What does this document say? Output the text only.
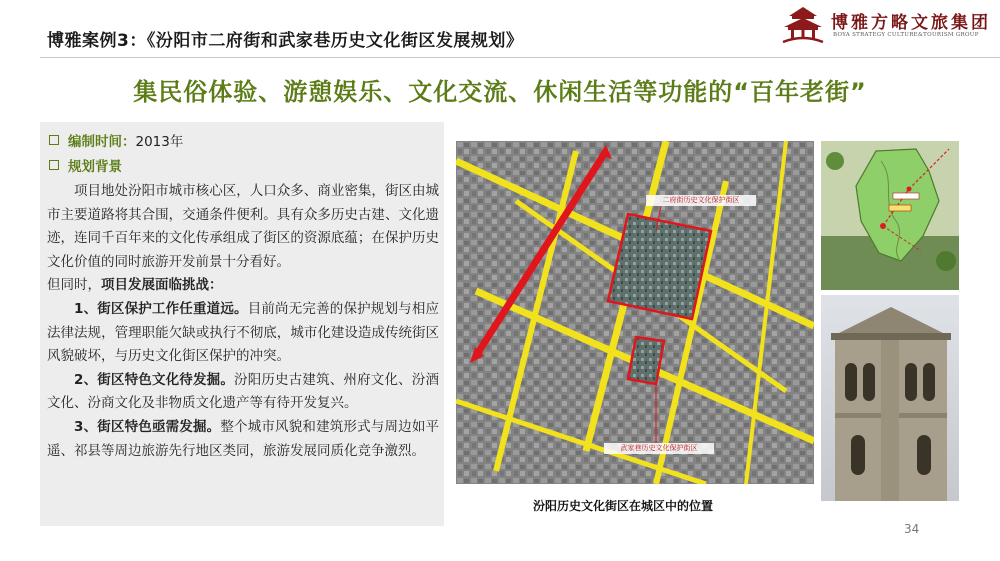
博雅案例3：《汾阳市二府街和武家巷历史文化街区发展规划》
博雅方略文旅集团
BOYA STRATEGY CULTURE&TOURISM GROUP
集民俗体验、游憩娱乐、文化交流、休闲生活等功能的“百年老街”
编制时间：2013年
规划背景

项目地处汾阳市城市核心区，人口众多、商业密集，街区由城市主要道路将其合围，交通条件便利。具有众多历史古建、文化遗迹，连同千百年来的文化传承组成了街区的资源底蕴；在保护历史文化价值的同时旅游开发前景十分看好。

但同时，项目发展面临挑战：

1、街区保护工作任重道远。目前尚无完善的保护规划与相应法律法规，管理职能欠缺或执行不彻底，城市化建设造成传统街区风貌破坏，与历史文化街区保护的冲突。

2、街区特色文化待发掘。汾阳历史古建筑、州府文化、汾酒文化、汾商文化及非物质文化遗产等有待开发复兴。

3、街区特色亟需发掘。整个城市风貌和建筑形式与周边如平遥、祁县等周边旅游先行地区类同，旅游发展同质化竞争激烈。

二府街历史文化保护街区
武家巷历史文化保护街区
汾阳历史文化街区在城区中的位置
34
